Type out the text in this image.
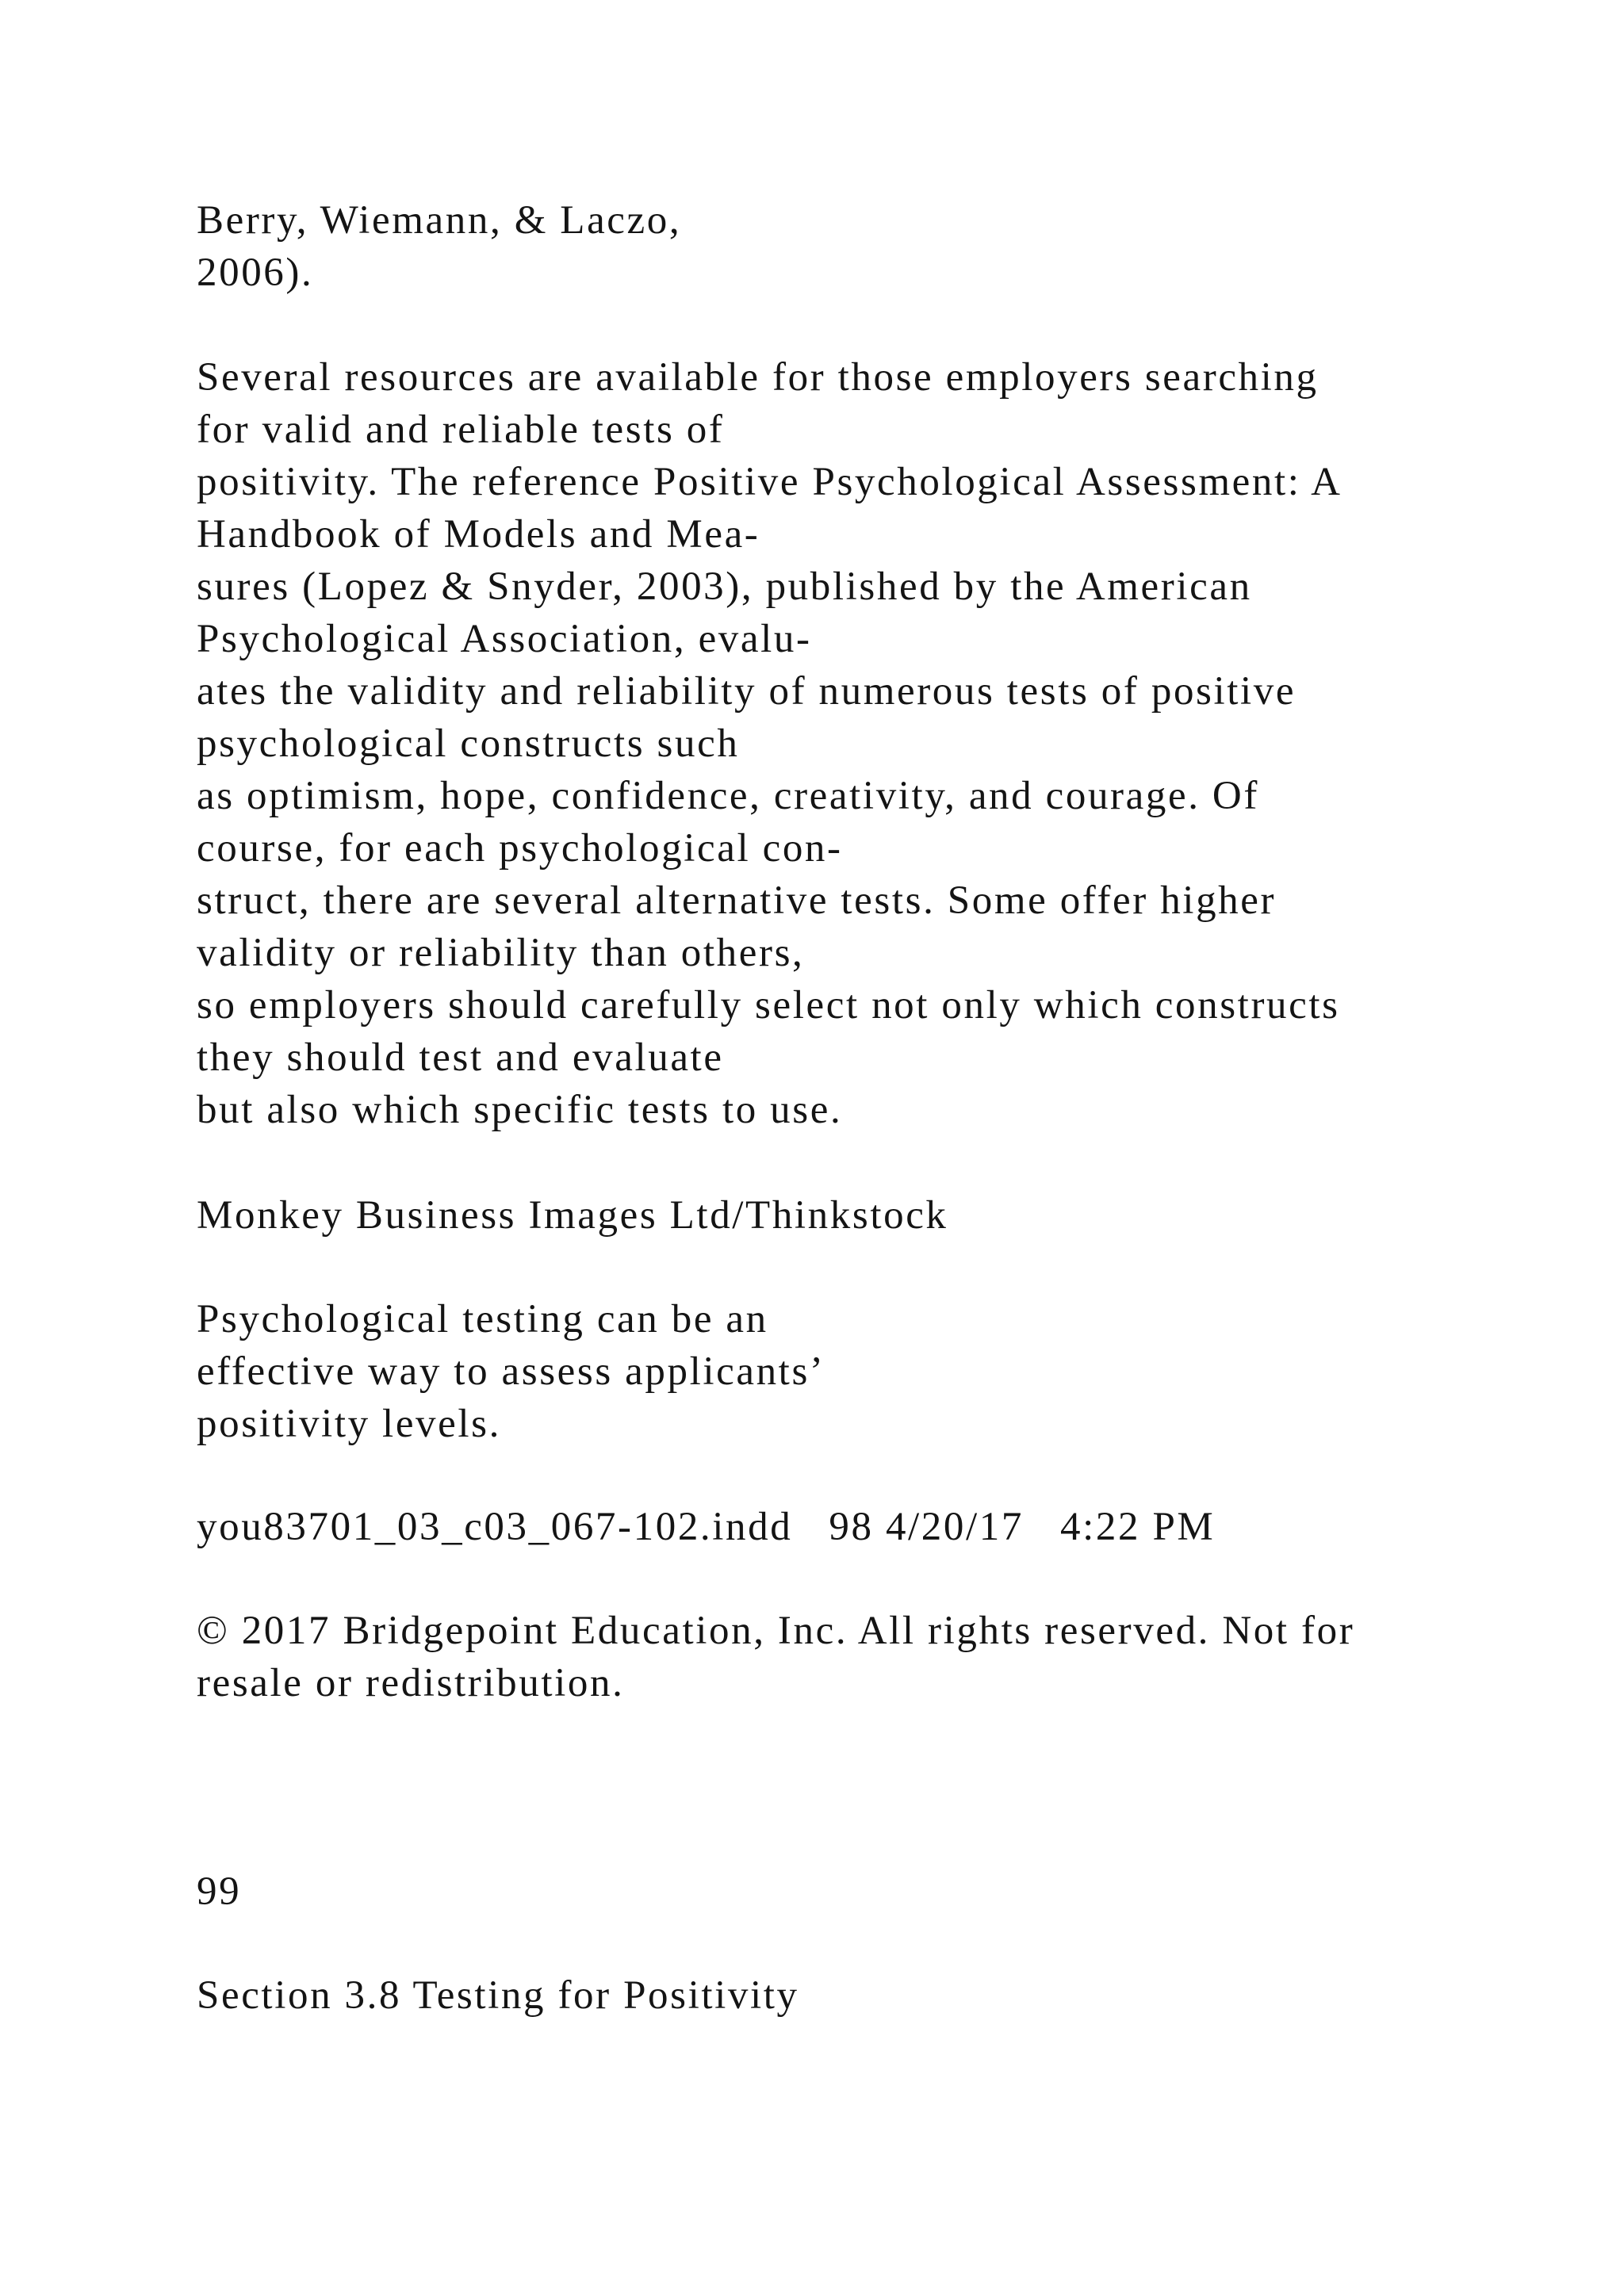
Berry, Wiemann, & Laczo,
2006).
Several resources are available for those employers searching
for valid and reliable tests of
positivity. The reference Positive Psychological Assessment: A
Handbook of Models and Mea-
sures (Lopez & Snyder, 2003), published by the American
Psychological Association, evalu-
ates the validity and reliability of numerous tests of positive
psychological constructs such
as optimism, hope, confidence, creativity, and courage. Of
course, for each psychological con-
struct, there are several alternative tests. Some offer higher
validity or reliability than others,
so employers should carefully select not only which constructs
they should test and evaluate
but also which specific tests to use.
Monkey Business Images Ltd/Thinkstock
Psychological testing can be an
effective way to assess applicants’
positivity levels.
you83701_03_c03_067-102.indd   98 4/20/17   4:22 PM
© 2017 Bridgepoint Education, Inc. All rights reserved. Not for
resale or redistribution.
99
Section 3.8 Testing for Positivity
